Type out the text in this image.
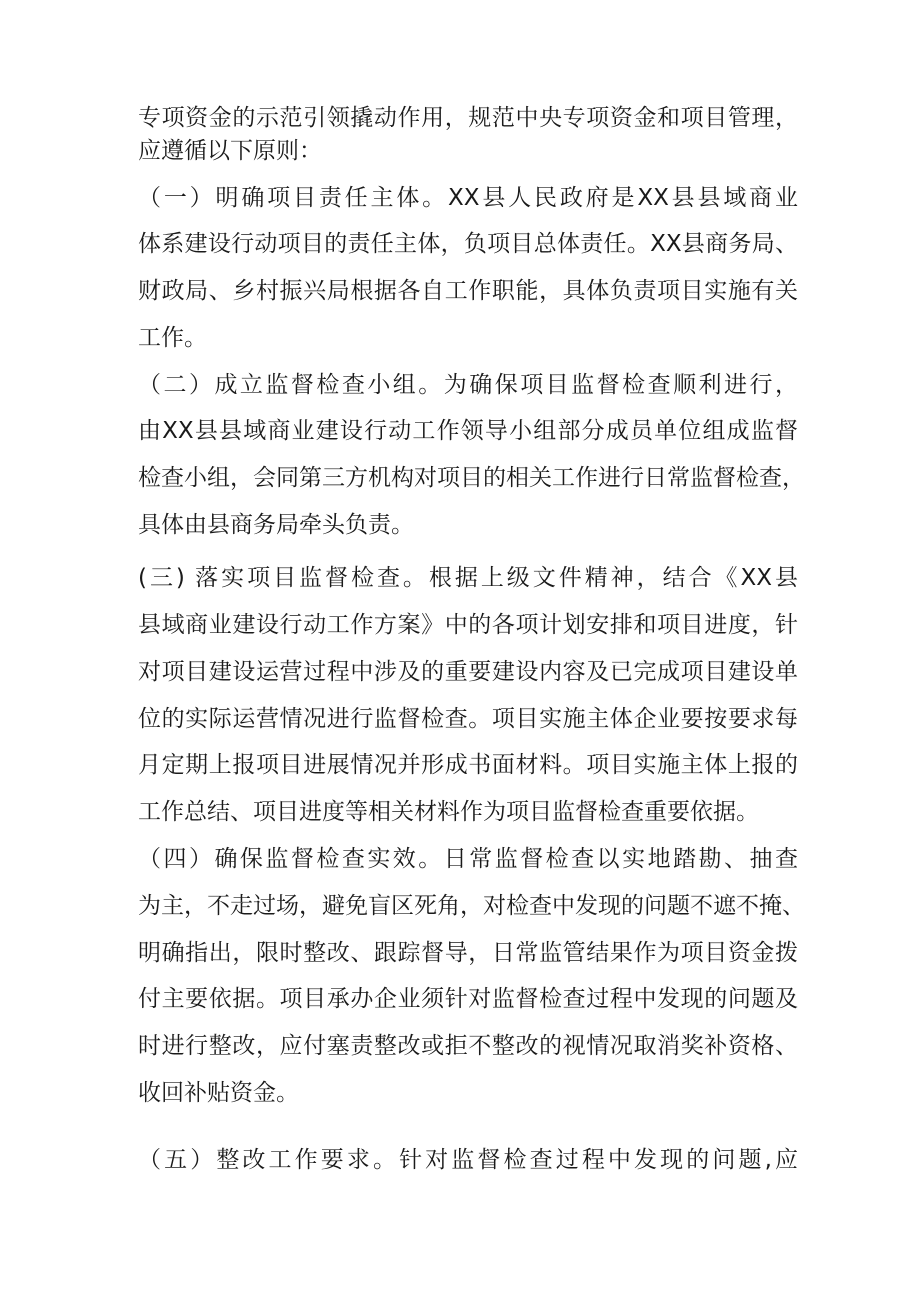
专项资金的示范引领撬动作用，规范中央专项资金和项目管理，
应遵循以下原则：
（一）明确项目责任主体。XX县人民政府是XX县县域商业
体系建设行动项目的责任主体，负项目总体责任。XX县商务局、
财政局、乡村振兴局根据各自工作职能，具体负责项目实施有关
工作。
（二）成立监督检查小组。为确保项目监督检查顺利进行，
由XX县县域商业建设行动工作领导小组部分成员单位组成监督
检查小组，会同第三方机构对项目的相关工作进行日常监督检查，
具体由县商务局牵头负责。
(三) 落实项目监督检查。根据上级文件精神，结合《XX县
县域商业建设行动工作方案》中的各项计划安排和项目进度，针
对项目建设运营过程中涉及的重要建设内容及已完成项目建设单
位的实际运营情况进行监督检查。项目实施主体企业要按要求每
月定期上报项目进展情况并形成书面材料。项目实施主体上报的
工作总结、项目进度等相关材料作为项目监督检查重要依据。
（四）确保监督检查实效。日常监督检查以实地踏勘、抽查
为主，不走过场，避免盲区死角，对检查中发现的问题不遮不掩、
明确指出，限时整改、跟踪督导，日常监管结果作为项目资金拨
付主要依据。项目承办企业须针对监督检查过程中发现的问题及
时进行整改，应付塞责整改或拒不整改的视情况取消奖补资格、
收回补贴资金。
（五）整改工作要求。针对监督检查过程中发现的问题,应
